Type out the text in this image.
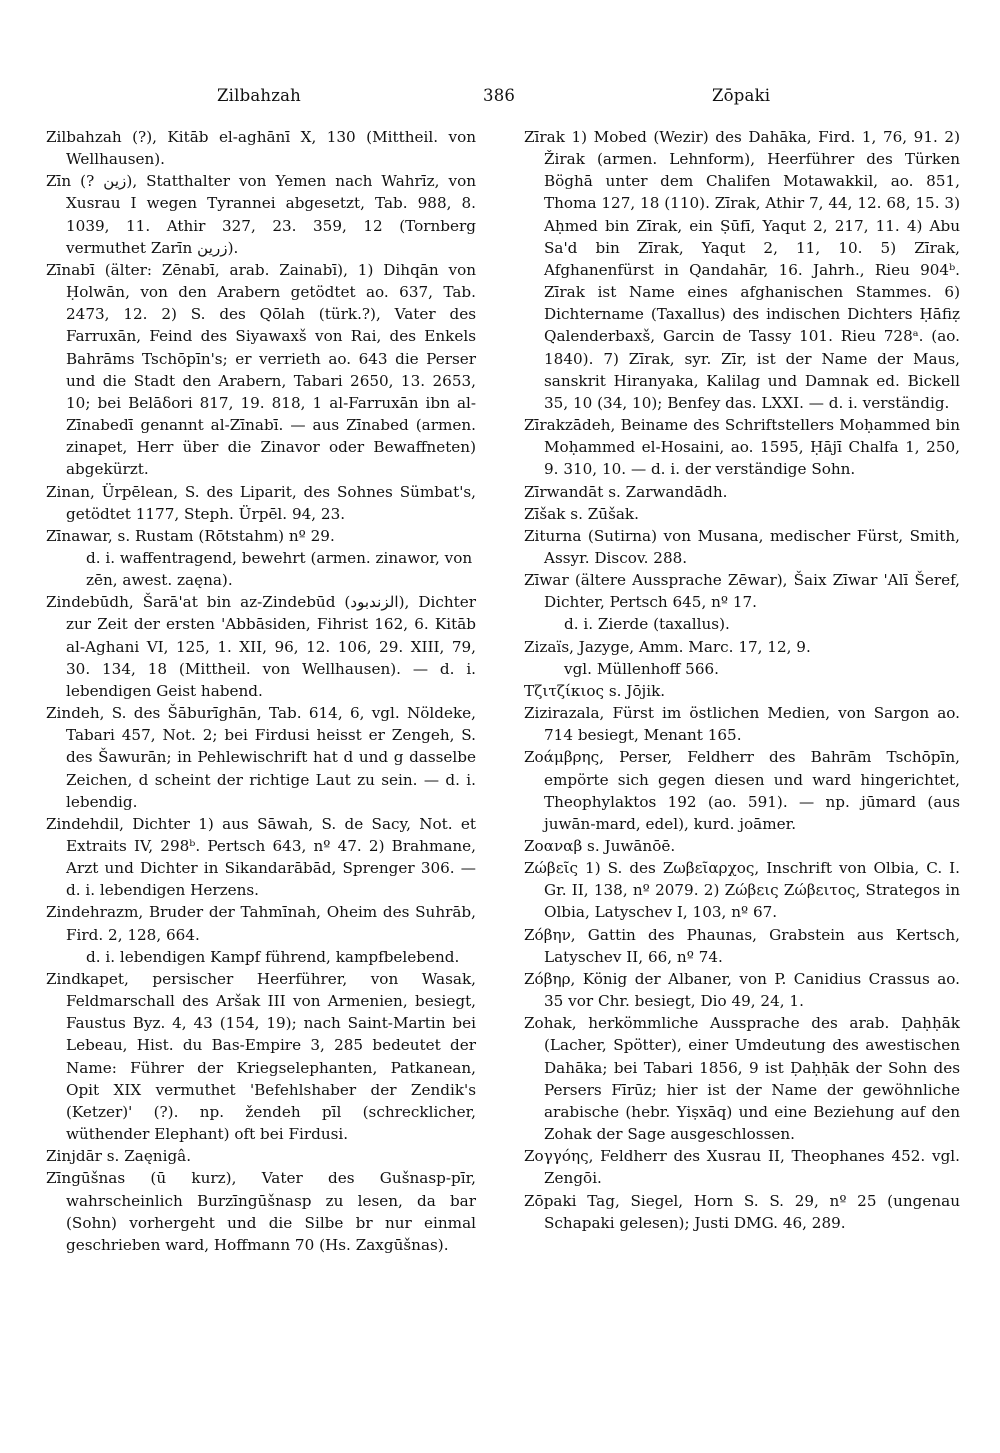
Zilbahzah	386	Zōpaki

Zilbahzah (?), Kitāb el-aghānī X, 130 (Mittheil. von Wellhausen).

Zīn (? زين), Statthalter von Yemen nach Wahrīz, von Xusrau I wegen Tyrannei abgesetzt, Tab. 988, 8. 1039, 11. Athir 327, 23. 359, 12 (Tornberg vermuthet Zarīn زرين).

Zīnabī (älter: Zēnabī, arab. Zainabī), 1) Dihqān von Ḥolwān, von den Arabern getödtet ao. 637, Tab. 2473, 12. 2) S. des Qōlah (türk.?), Vater des Farruxān, Feind des Siyawaxš von Rai, des Enkels Bahrāms Tschōpīn's; er verrieth ao. 643 die Perser und die Stadt den Arabern, Tabari 2650, 13. 2653, 10; bei Belāδori 817, 19. 818, 1 al-Farruxān ibn al-Zīnabedī genannt al-Zīnabī. — aus Zīnabed (armen. zinapet, Herr über die Zinavor oder Bewaffneten) abgekürzt.

Zinan, Ürpēlean, S. des Liparit, des Sohnes Sümbat's, getödtet 1177, Steph. Ürpēl. 94, 23.

Zīnawar, s. Rustam (Rōtstahm) nº 29.

d. i. waffentragend, bewehrt (armen. zinawor, von zēn, awest. zaęna).

Zindebūdh, Šarā'at bin az-Zindebūd (الزندبود), Dichter zur Zeit der ersten 'Abbāsiden, Fihrist 162, 6. Kitāb al-Aghani VI, 125, 1. XII, 96, 12. 106, 29. XIII, 79, 30. 134, 18 (Mittheil. von Wellhausen). — d. i. lebendigen Geist habend.

Zindeh, S. des Šāburīghān, Tab. 614, 6, vgl. Nöldeke, Tabari 457, Not. 2; bei Firdusi heisst er Zengeh, S. des Šawurān; in Pehlewischrift hat d und g dasselbe Zeichen, d scheint der richtige Laut zu sein. — d. i. lebendig.

Zindehdil, Dichter 1) aus Sāwah, S. de Sacy, Not. et Extraits IV, 298ᵇ. Pertsch 643, nº 47. 2) Brahmane, Arzt und Dichter in Sikandarābād, Sprenger 306. — d. i. lebendigen Herzens.

Zindehrazm, Bruder der Tahmīnah, Oheim des Suhrāb, Fird. 2, 128, 664.

d. i. lebendigen Kampf führend, kampfbelebend.

Zindkapet, persischer Heerführer, von Wasak, Feldmarschall des Aršak III von Armenien, besiegt, Faustus Byz. 4, 43 (154, 19); nach Saint-Martin bei Lebeau, Hist. du Bas-Empire 3, 285 bedeutet der Name: Führer der Kriegselephanten, Patkanean, Opit XIX vermuthet 'Befehlshaber der Zendik's (Ketzer)' (?). np. žendeh pīl (schrecklicher, wüthender Elephant) oft bei Firdusi.

Zinjdār s. Zaęnigâ.

Zīngūšnas (ū kurz), Vater des Gušnasp-pīr, wahrscheinlich Burzīngūšnasp zu lesen, da bar (Sohn) vorhergeht und die Silbe br nur einmal geschrieben ward, Hoffmann 70 (Hs. Zaxgūšnas).

Zīrak 1) Mobed (Wezir) des Dahāka, Fird. 1, 76, 91. 2) Žirak (armen. Lehnform), Heerführer des Türken Böghā unter dem Chalifen Motawakkil, ao. 851, Thoma 127, 18 (110). Zīrak, Athir 7, 44, 12. 68, 15. 3) Aḥmed bin Zīrak, ein Ṣūfī, Yaqut 2, 217, 11. 4) Abu Sa'd bin Zīrak, Yaqut 2, 11, 10. 5) Zīrak, Afghanenfürst in Qandahār, 16. Jahrh., Rieu 904ᵇ. Zīrak ist Name eines afghanischen Stammes. 6) Dichtername (Taxallus) des indischen Dichters Ḥāfiẓ Qalenderbaxš, Garcin de Tassy 101. Rieu 728ᵃ. (ao. 1840). 7) Zīrak, syr. Zīr, ist der Name der Maus, sanskrit Hiranyaka, Kalilag und Damnak ed. Bickell 35, 10 (34, 10); Benfey das. LXXI. — d. i. verständig.

Zīrakzādeh, Beiname des Schriftstellers Moḥammed bin Moḥammed el-Hosaini, ao. 1595, Ḥājī Chalfa 1, 250, 9. 310, 10. — d. i. der verständige Sohn.

Zīrwandāt s. Zarwandādh.

Zīšak s. Zūšak.

Ziturna (Sutirna) von Musana, medischer Fürst, Smith, Assyr. Discov. 288.

Zīwar (ältere Aussprache Zēwar), Šaix Zīwar 'Alī Šeref, Dichter, Pertsch 645, nº 17.

d. i. Zierde (taxallus).

Zizaïs, Jazyge, Amm. Marc. 17, 12, 9.

vgl. Müllenhoff 566.

Τζιτζίκιος s. Jōjik.

Zizirazala, Fürst im östlichen Medien, von Sargon ao. 714 besiegt, Menant 165.

Ζοάμβρης, Perser, Feldherr des Bahrām Tschōpīn, empörte sich gegen diesen und ward hingerichtet, Theophylaktos 192 (ao. 591). — np. jūmard (aus juwān-mard, edel), kurd. joāmer.

Ζοαναβ s. Juwānōē.

Ζώβεῖς 1) S. des Ζωβεῖαρχος, Inschrift von Olbia, C. I. Gr. II, 138, nº 2079. 2) Ζώβεις Ζώβειτος, Strategos in Olbia, Latyschev I, 103, nº 67.

Ζόβην, Gattin des Phaunas, Grabstein aus Kertsch, Latyschev II, 66, nº 74.

Ζόβηρ, König der Albaner, von P. Canidius Crassus ao. 35 vor Chr. besiegt, Dio 49, 24, 1.

Zohak, herkömmliche Aussprache des arab. Ḍaḥḥāk (Lacher, Spötter), einer Umdeutung des awestischen Dahāka; bei Tabari 1856, 9 ist Ḍaḥḥāk der Sohn des Persers Fīrūz; hier ist der Name der gewöhnliche arabische (hebr. Yiṣxāq) und eine Beziehung auf den Zohak der Sage ausgeschlossen.

Ζογγόης, Feldherr des Xusrau II, Theophanes 452. vgl. Zengōi.

Zōpaki Tag, Siegel, Horn S. S. 29, nº 25 (ungenau Schapaki gelesen); Justi DMG. 46, 289.
